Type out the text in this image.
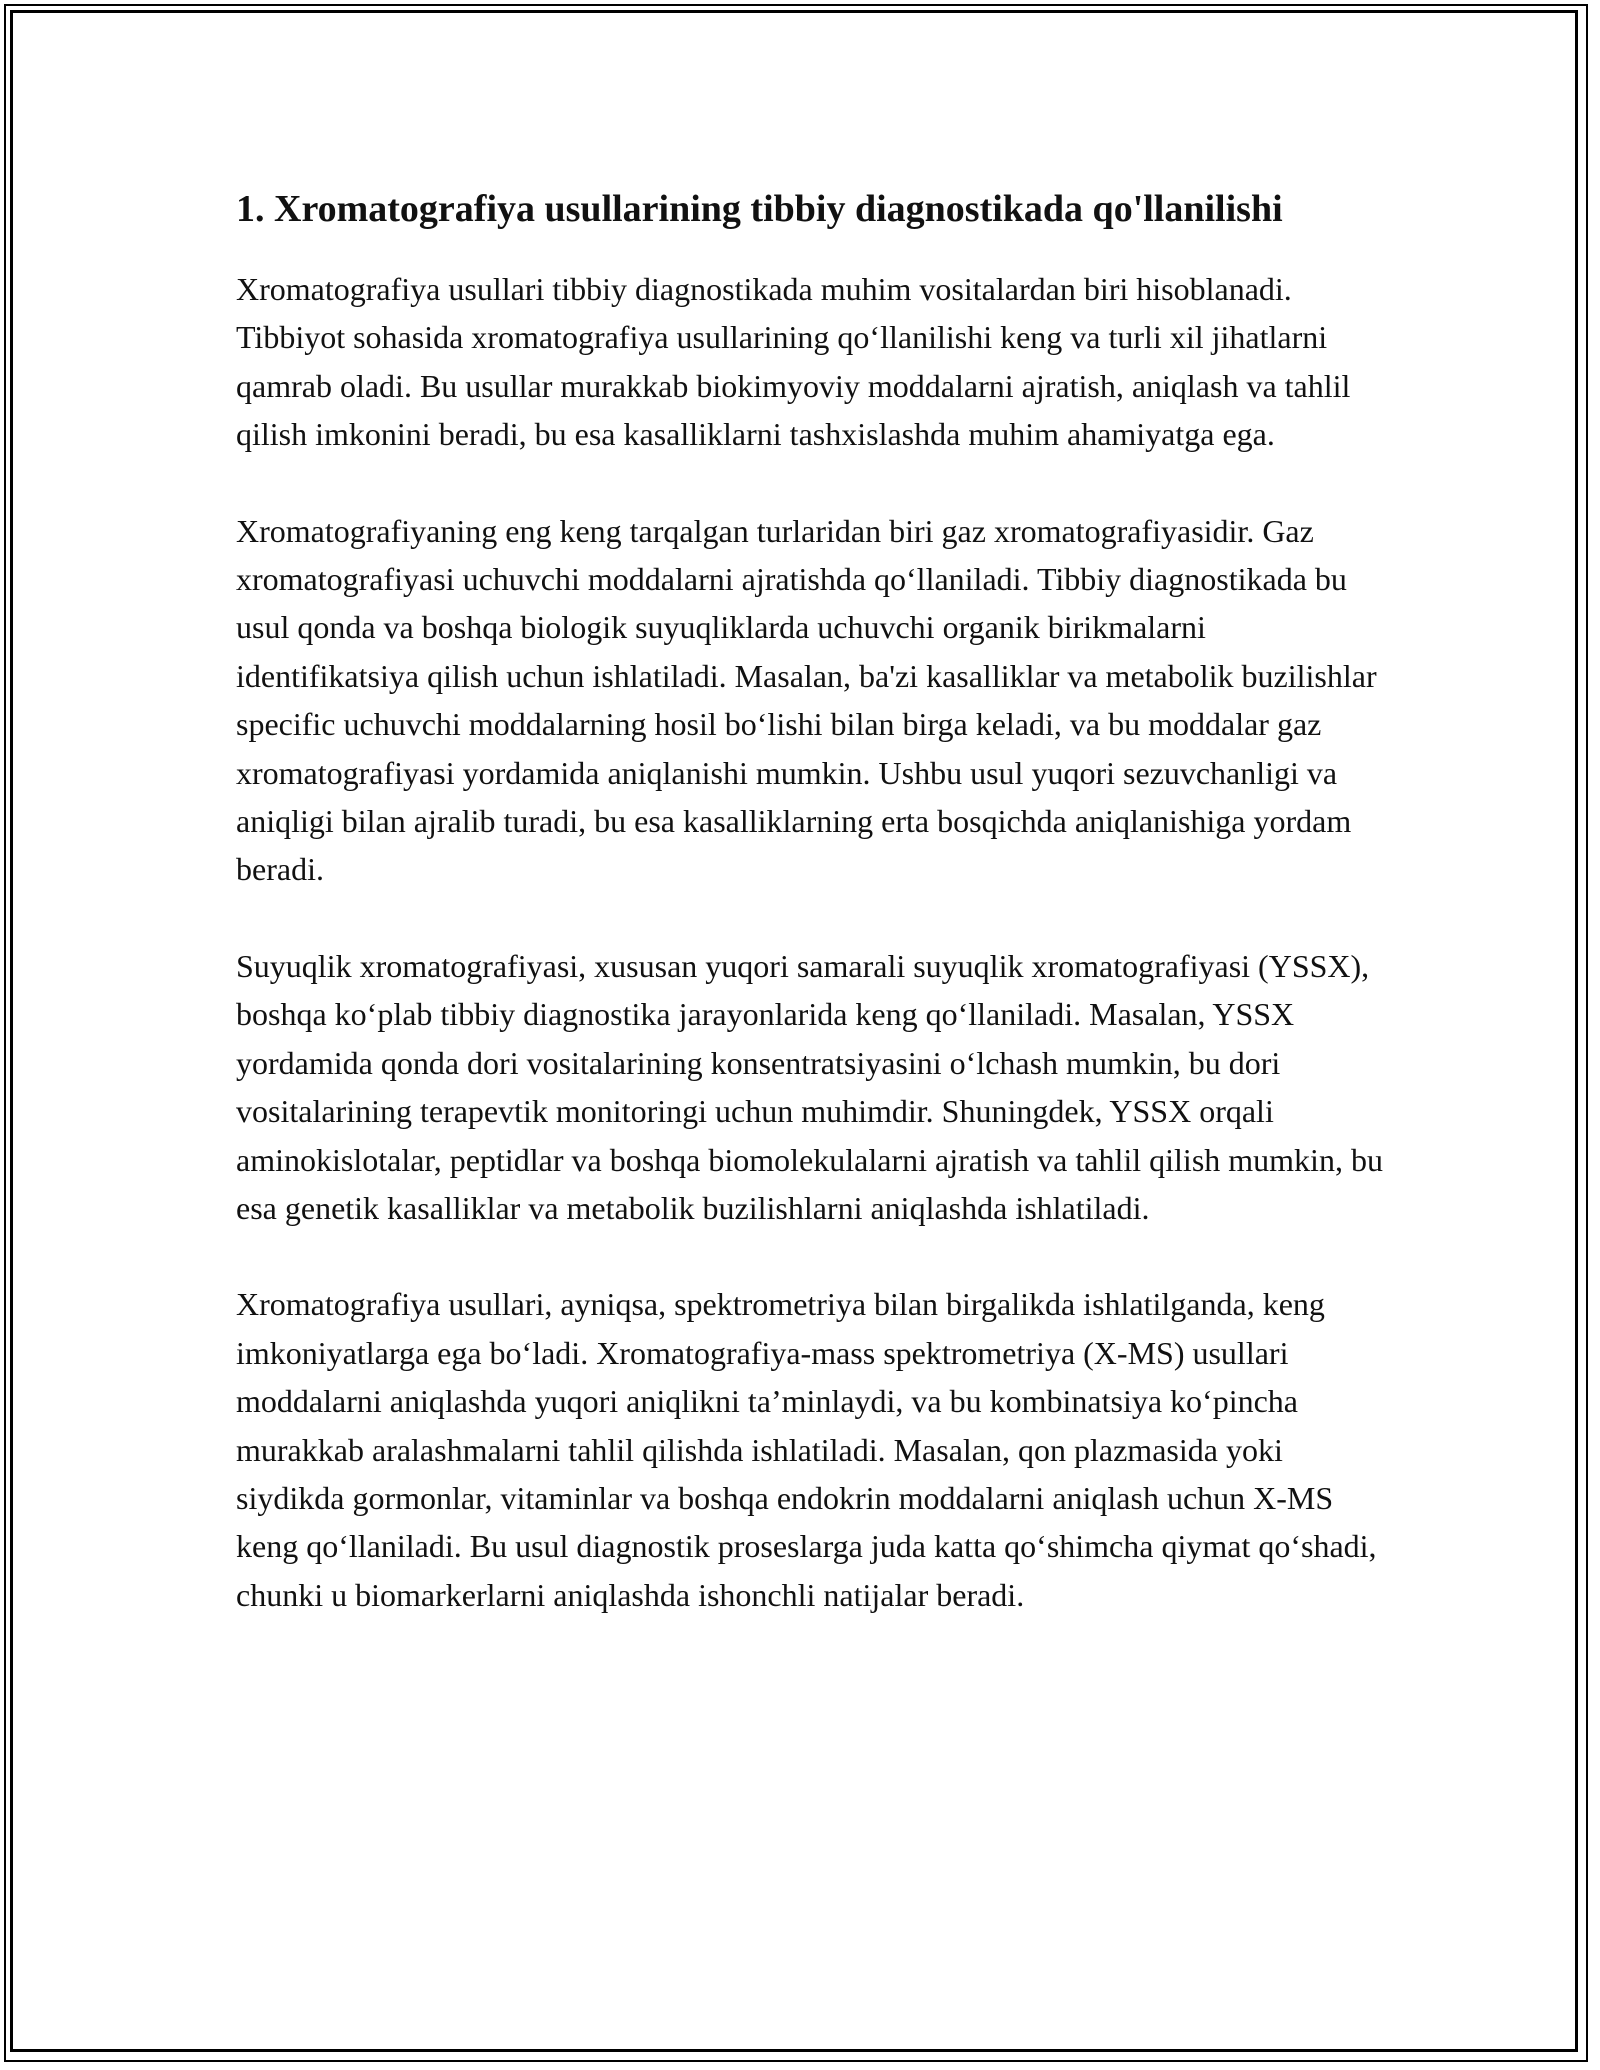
1. Xromatografiya usullarining tibbiy diagnostikada qo'llanilishi

Xromatografiya usullari tibbiy diagnostikada muhim vositalardan biri hisoblanadi. Tibbiyot sohasida xromatografiya usullarining qo‘llanilishi keng va turli xil jihatlarni qamrab oladi. Bu usullar murakkab biokimyoviy moddalarni ajratish, aniqlash va tahlil qilish imkonini beradi, bu esa kasalliklarni tashxislashda muhim ahamiyatga ega.

Xromatografiyaning eng keng tarqalgan turlaridan biri gaz xromatografiyasidir. Gaz xromatografiyasi uchuvchi moddalarni ajratishda qo‘llaniladi. Tibbiy diagnostikada bu usul qonda va boshqa biologik suyuqliklarda uchuvchi organik birikmalarni identifikatsiya qilish uchun ishlatiladi. Masalan, ba'zi kasalliklar va metabolik buzilishlar specific uchuvchi moddalarning hosil bo‘lishi bilan birga keladi, va bu moddalar gaz xromatografiyasi yordamida aniqlanishi mumkin. Ushbu usul yuqori sezuvchanligi va aniqligi bilan ajralib turadi, bu esa kasalliklarning erta bosqichda aniqlanishiga yordam beradi.

Suyuqlik xromatografiyasi, xususan yuqori samarali suyuqlik xromatografiyasi (YSSX), boshqa ko‘plab tibbiy diagnostika jarayonlarida keng qo‘llaniladi. Masalan, YSSX yordamida qonda dori vositalarining konsentratsiyasini o‘lchash mumkin, bu dori vositalarining terapevtik monitoringi uchun muhimdir. Shuningdek, YSSX orqali aminokislotalar, peptidlar va boshqa biomolekulalarni ajratish va tahlil qilish mumkin, bu esa genetik kasalliklar va metabolik buzilishlarni aniqlashda ishlatiladi.

Xromatografiya usullari, ayniqsa, spektrometriya bilan birgalikda ishlatilganda, keng imkoniyatlarga ega bo‘ladi. Xromatografiya-mass spektrometriya (X-MS) usullari moddalarni aniqlashda yuqori aniqlikni ta’minlaydi, va bu kombinatsiya ko‘pincha murakkab aralashmalarni tahlil qilishda ishlatiladi. Masalan, qon plazmasida yoki siydikda gormonlar, vitaminlar va boshqa endokrin moddalarni aniqlash uchun X-MS keng qo‘llaniladi. Bu usul diagnostik proseslarga juda katta qo‘shimcha qiymat qo‘shadi, chunki u biomarkerlarni aniqlashda ishonchli natijalar beradi.
